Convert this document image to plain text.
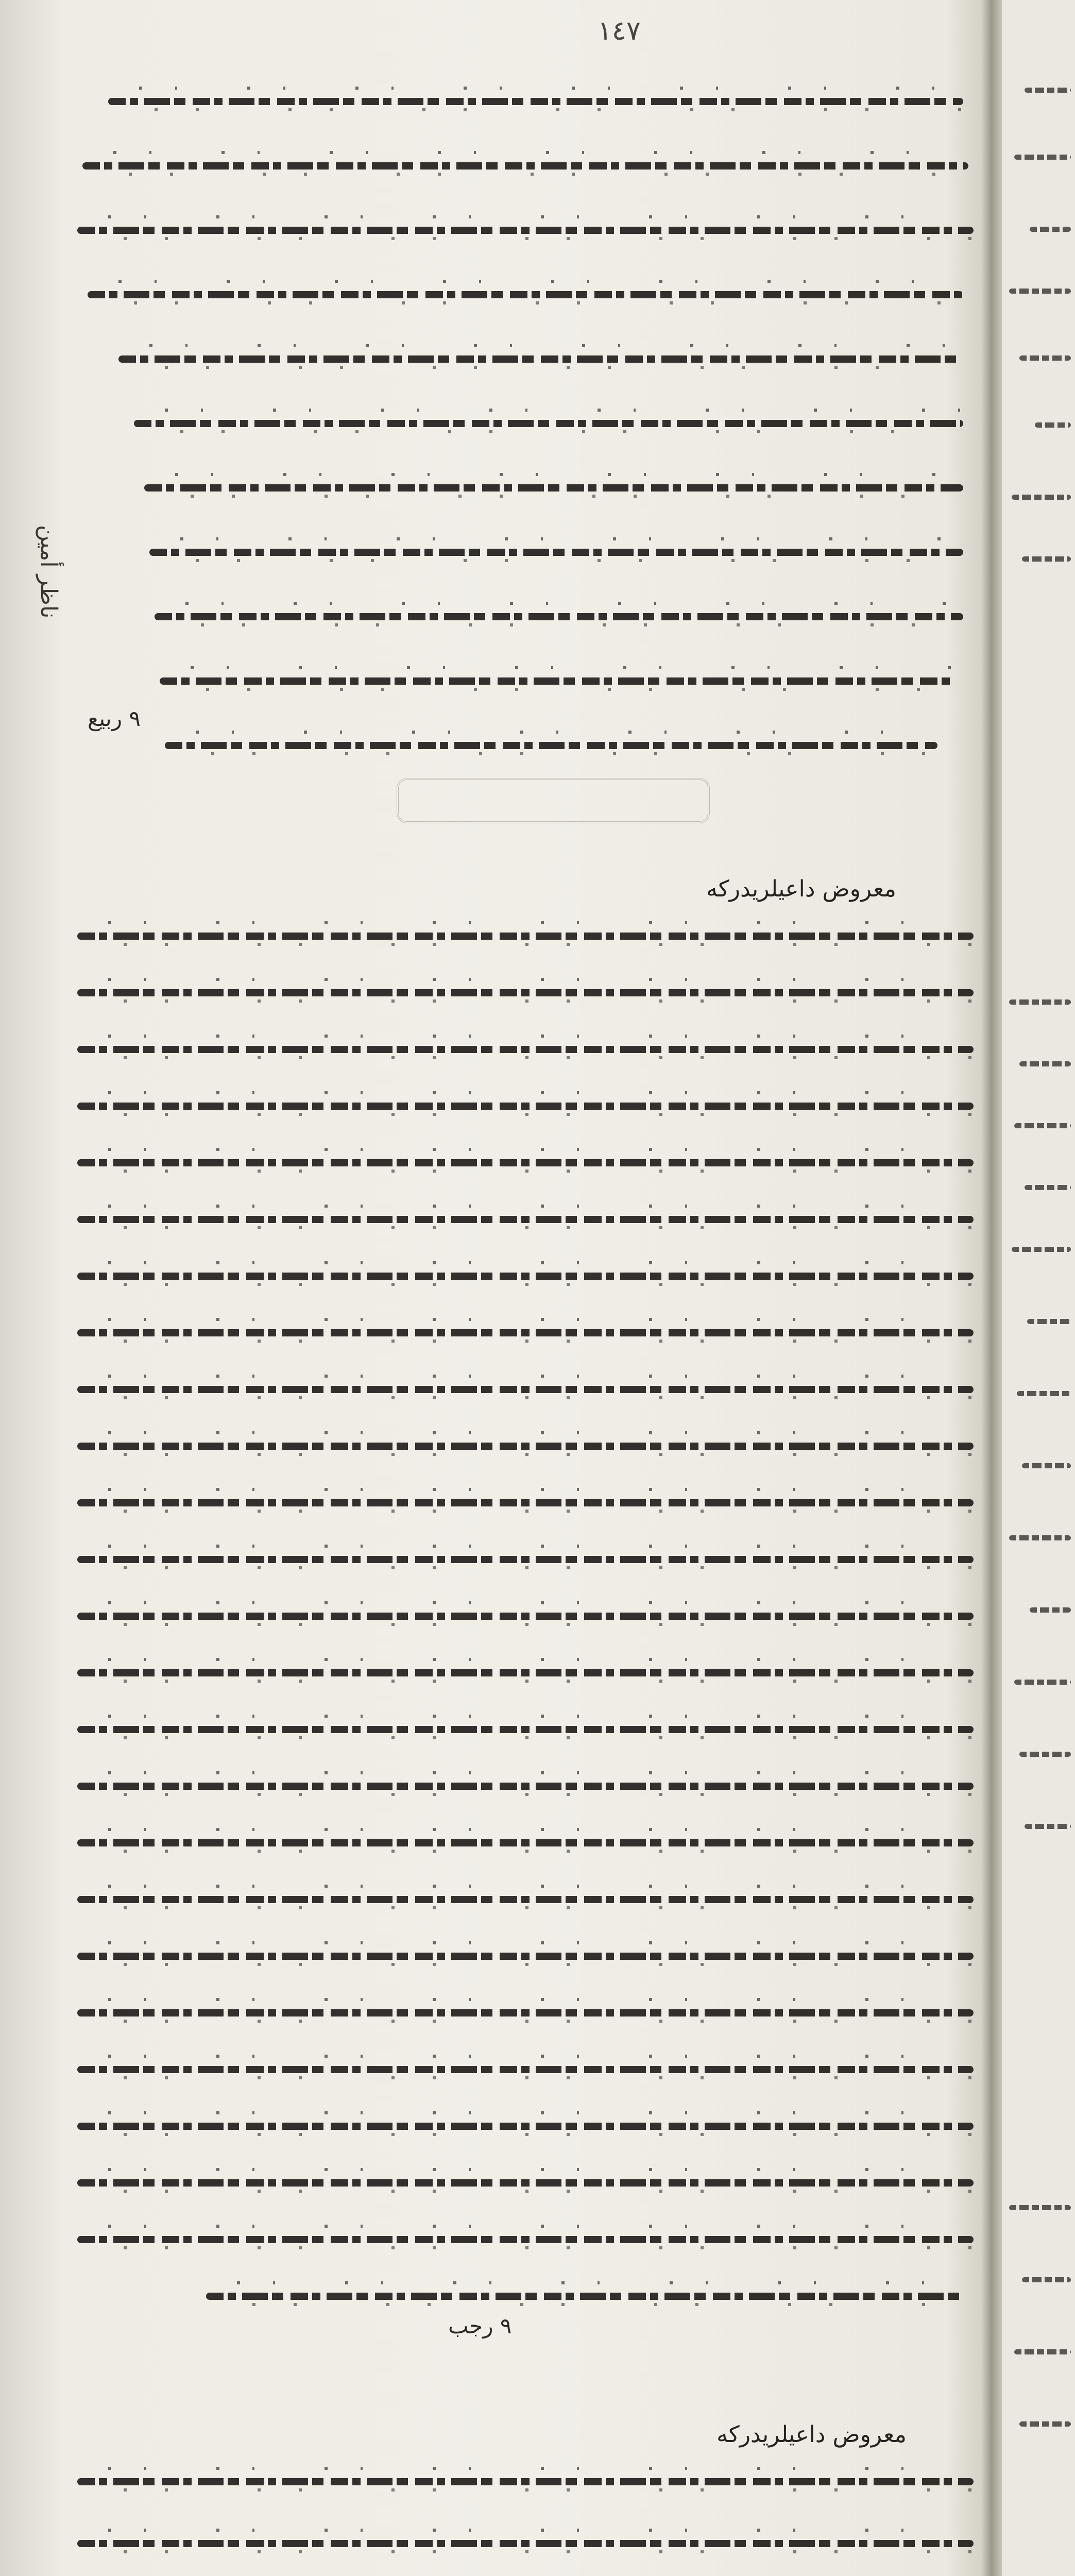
١٤٧
ناظر أمين
٩ ربيع
معروض داعيلريدركه
٩ رجب
معروض داعيلريدركه
